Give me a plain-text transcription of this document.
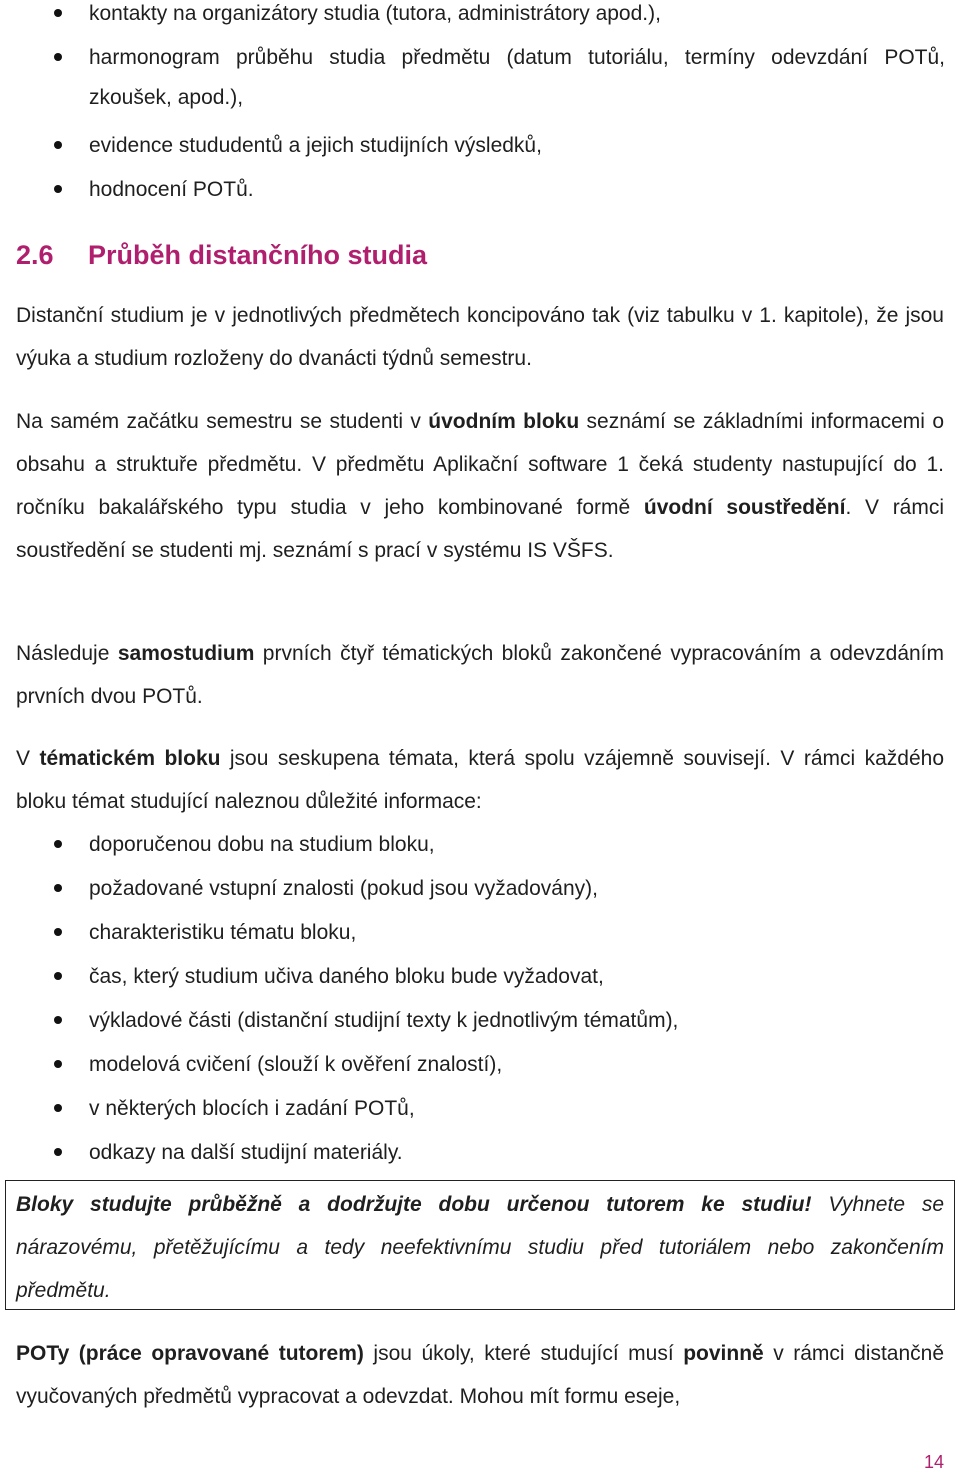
kontakty na organizátory studia (tutora, administrátory apod.),
harmonogram průběhu studia předmětu (datum tutoriálu, termíny odevzdání POTů, zkoušek, apod.),
evidence stududentů a jejich studijních výsledků,
hodnocení POTů.
2.6 Průběh distančního studia

Distanční studium je v jednotlivých předmětech koncipováno tak (viz tabulku v 1. kapitole), že jsou výuka a studium rozloženy do dvanácti týdnů semestru.

Na samém začátku semestru se studenti v úvodním bloku seznámí se základními informacemi o obsahu a struktuře předmětu. V předmětu Aplikační software 1 čeká studenty nastupující do 1. ročníku bakalářského typu studia v jeho kombinované formě úvodní soustředění. V rámci soustředění se studenti mj. seznámí s prací v systému IS VŠFS.

Následuje samostudium prvních čtyř tématických bloků zakončené vypracováním a odevzdáním prvních dvou POTů.

V tématickém bloku jsou seskupena témata, která spolu vzájemně souvisejí. V rámci každého bloku témat studující naleznou důležité informace:

doporučenou dobu na studium bloku,
požadované vstupní znalosti (pokud jsou vyžadovány),
charakteristiku tématu bloku,
čas, který studium učiva daného bloku bude vyžadovat,
výkladové části (distanční studijní texty k jednotlivým tématům),
modelová cvičení (slouží k ověření znalostí),
v některých blocích i zadání POTů,
odkazy na další studijní materiály.

Bloky studujte průběžně a dodržujte dobu určenou tutorem ke studiu! Vyhnete se nárazovému, přetěžujícímu a tedy neefektivnímu studiu před tutoriálem nebo zakončením předmětu.

POTy (práce opravované tutorem) jsou úkoly, které studující musí povinně v rámci distančně vyučovaných předmětů vypracovat a odevzdat. Mohou mít formu eseje,

14
